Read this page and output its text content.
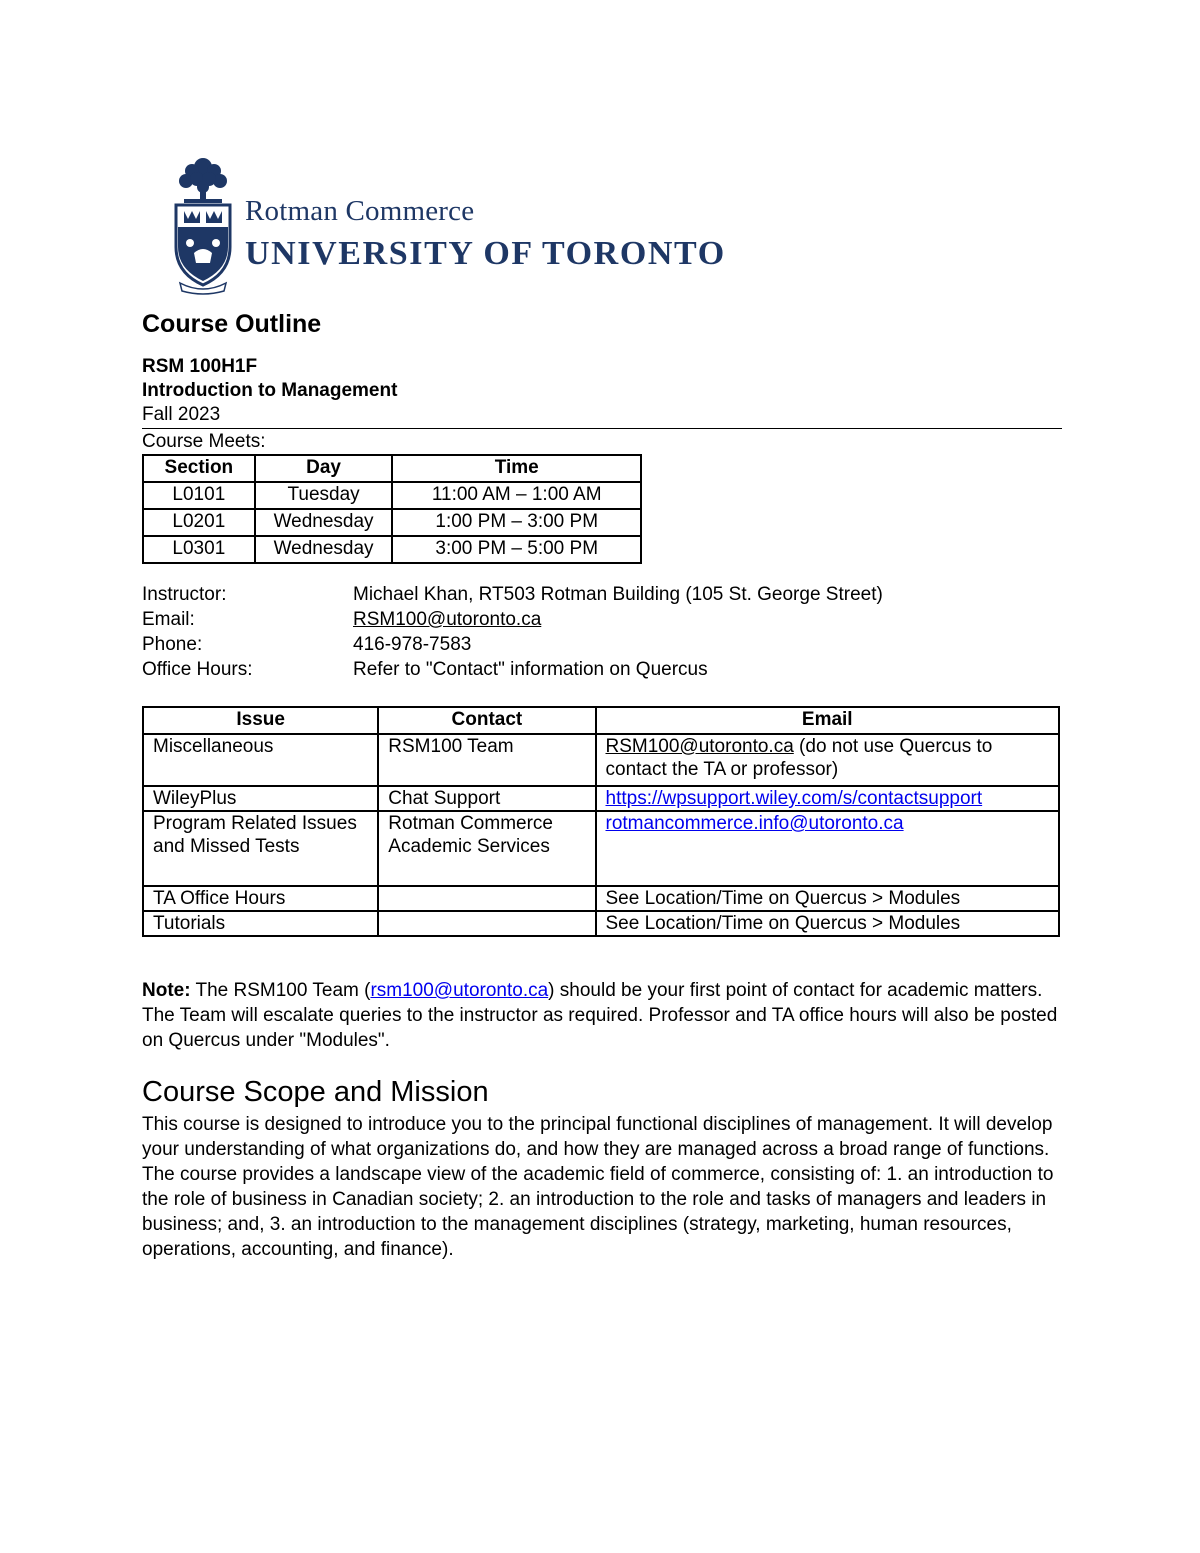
Rotman Commerce
UNIVERSITY OF TORONTO
Course Outline
RSM 100H1F
Introduction to Management
Fall 2023
Course Meets:
Section	Day	Time
L0101	Tuesday	11:00 AM – 1:00 AM
L0201	Wednesday	1:00 PM – 3:00 PM
L0301	Wednesday	3:00 PM – 5:00 PM
Instructor:	Michael Khan, RT503 Rotman Building (105 St. George Street)
Email:	RSM100@utoronto.ca
Phone:	416-978-7583
Office Hours:	Refer to "Contact" information on Quercus
Issue	Contact	Email
Miscellaneous	RSM100 Team	RSM100@utoronto.ca (do not use Quercus to contact the TA or professor)
WileyPlus	Chat Support	https://wpsupport.wiley.com/s/contactsupport
Program Related Issues and Missed Tests	Rotman Commerce Academic Services	rotmancommerce.info@utoronto.ca
TA Office Hours		See Location/Time on Quercus > Modules
Tutorials		See Location/Time on Quercus > Modules
Note: The RSM100 Team (rsm100@utoronto.ca) should be your first point of contact for academic matters. The Team will escalate queries to the instructor as required. Professor and TA office hours will also be posted on Quercus under "Modules".
Course Scope and Mission
This course is designed to introduce you to the principal functional disciplines of management. It will develop your understanding of what organizations do, and how they are managed across a broad range of functions. The course provides a landscape view of the academic field of commerce, consisting of: 1. an introduction to the role of business in Canadian society; 2. an introduction to the role and tasks of managers and leaders in business; and, 3. an introduction to the management disciplines (strategy, marketing, human resources, operations, accounting, and finance).
